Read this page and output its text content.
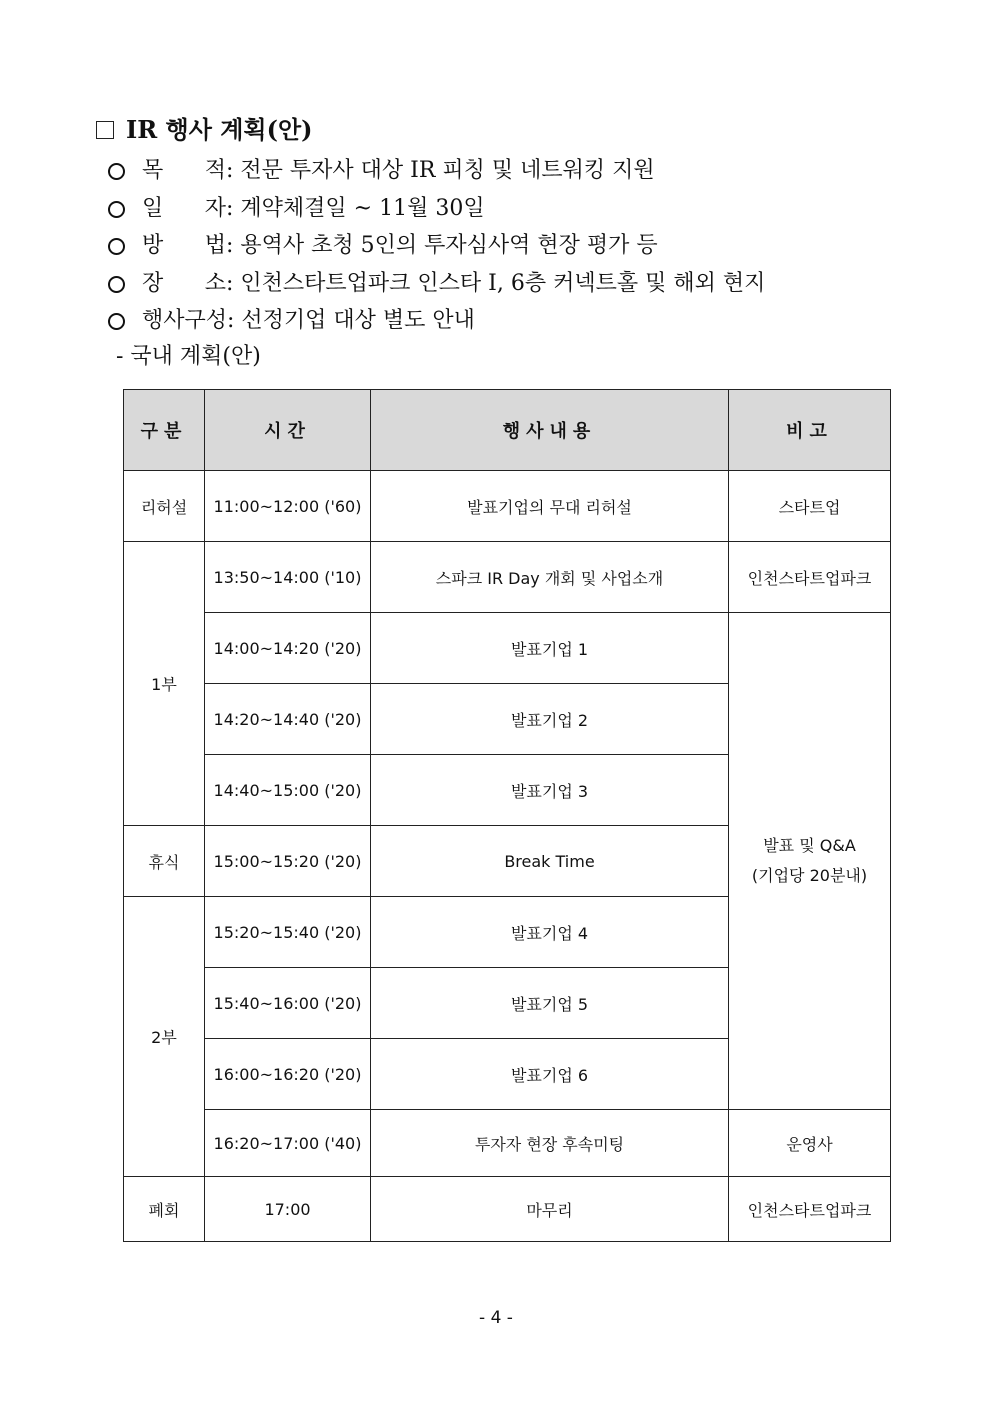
IR 행사 계획(안)
목 적 : 전문 투자사 대상 IR 피칭 및 네트워킹 지원
일 자 : 계약체결일 ~ 11월 30일
방 법 : 용역사 초청 5인의 투자심사역 현장 평가 등
장 소 : 인천스타트업파크 인스타 I, 6층 커넥트홀 및 해외 현지
행사구성 : 선정기업 대상 별도 안내
- 국내 계획(안)
구분	시간	행사내용	비고
리허설	11:00~12:00 ('60)	발표기업의 무대 리허설	스타트업
1부	13:50~14:00 ('10)	스파크 IR Day 개회 및 사업소개	인천스타트업파크
	14:00~14:20 ('20)	발표기업 1	발표 및 Q&A
(기업당 20분내)

	14:20~14:40 ('20)	발표기업 2	
	14:40~15:00 ('20)	발표기업 3	
휴식	15:00~15:20 ('20)	Break Time	
2부	15:20~15:40 ('20)	발표기업 4	
	15:40~16:00 ('20)	발표기업 5	
	16:00~16:20 ('20)	발표기업 6	
	16:20~17:00 ('40)	투자자 현장 후속미팅	운영사
폐회	17:00	마무리	인천스타트업파크
- 4 -
